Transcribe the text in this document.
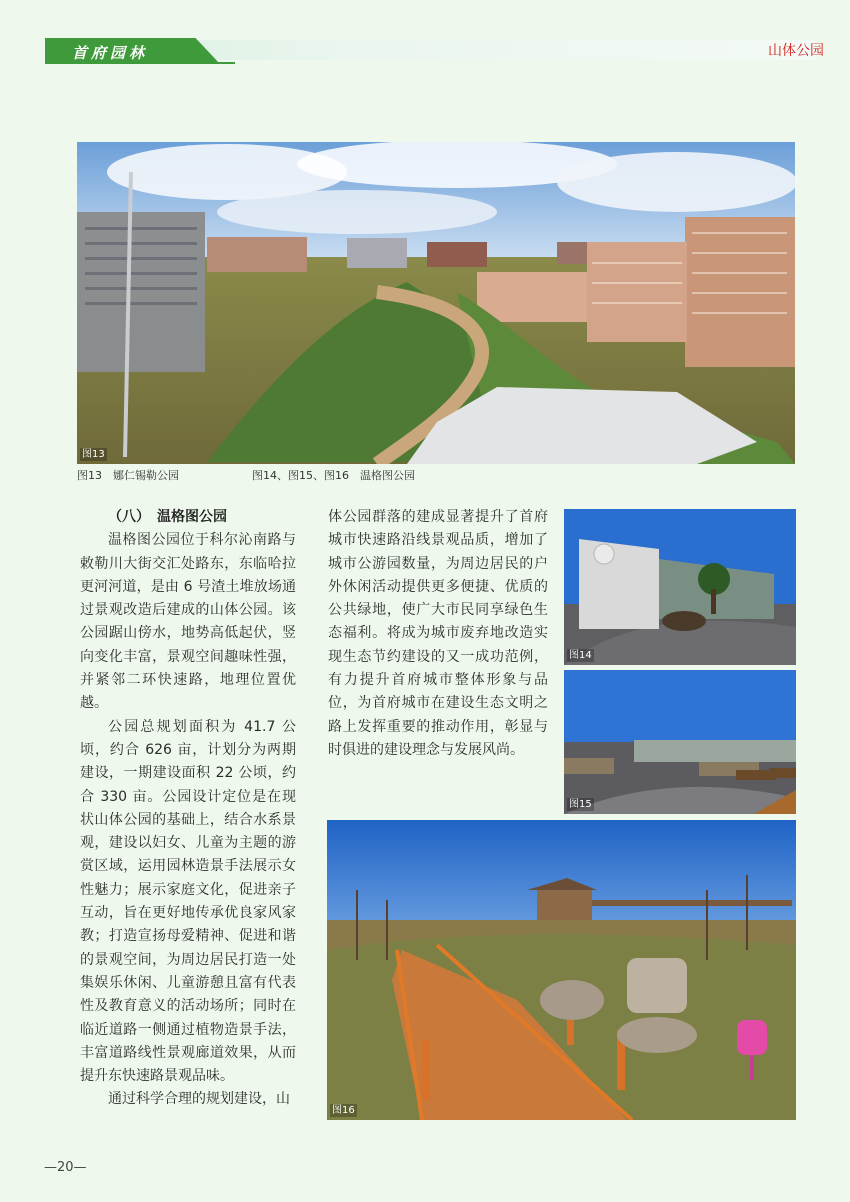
首府园林	山体公园
图13
图13　娜仁锡勒公园	图14、图15、图16　温格图公园
图14
图15
图16

（八）　温格图公园

温格图公园位于科尔沁南路与敕勒川大街交汇处路东，东临哈拉更河河道，是由 6 号渣土堆放场通过景观改造后建成的山体公园。该公园踞山傍水，地势高低起伏，竖向变化丰富，景观空间趣味性强，并紧邻二环快速路，地理位置优越。

公园总规划面积为 41.7 公顷，约合 626 亩，计划分为两期建设，一期建设面积 22 公顷，约合 330 亩。公园设计定位是在现状山体公园的基础上，结合水系景观，建设以妇女、儿童为主题的游赏区域，运用园林造景手法展示女性魅力；展示家庭文化，促进亲子互动，旨在更好地传承优良家风家教；打造宣扬母爱精神、促进和谐的景观空间，为周边居民打造一处集娱乐休闲、儿童游憩且富有代表性及教育意义的活动场所；同时在临近道路一侧通过植物造景手法，丰富道路线性景观廊道效果，从而提升东快速路景观品味。

通过科学合理的规划建设，山

体公园群落的建成显著提升了首府城市快速路沿线景观品质，增加了城市公游园数量，为周边居民的户外休闲活动提供更多便捷、优质的公共绿地，使广大市民同享绿色生态福利。将成为城市废弃地改造实现生态节约建设的又一成功范例，有力提升首府城市整体形象与品位，为首府城市在建设生态文明之路上发挥重要的推动作用，彰显与时俱进的建设理念与发展风尚。

—20—
